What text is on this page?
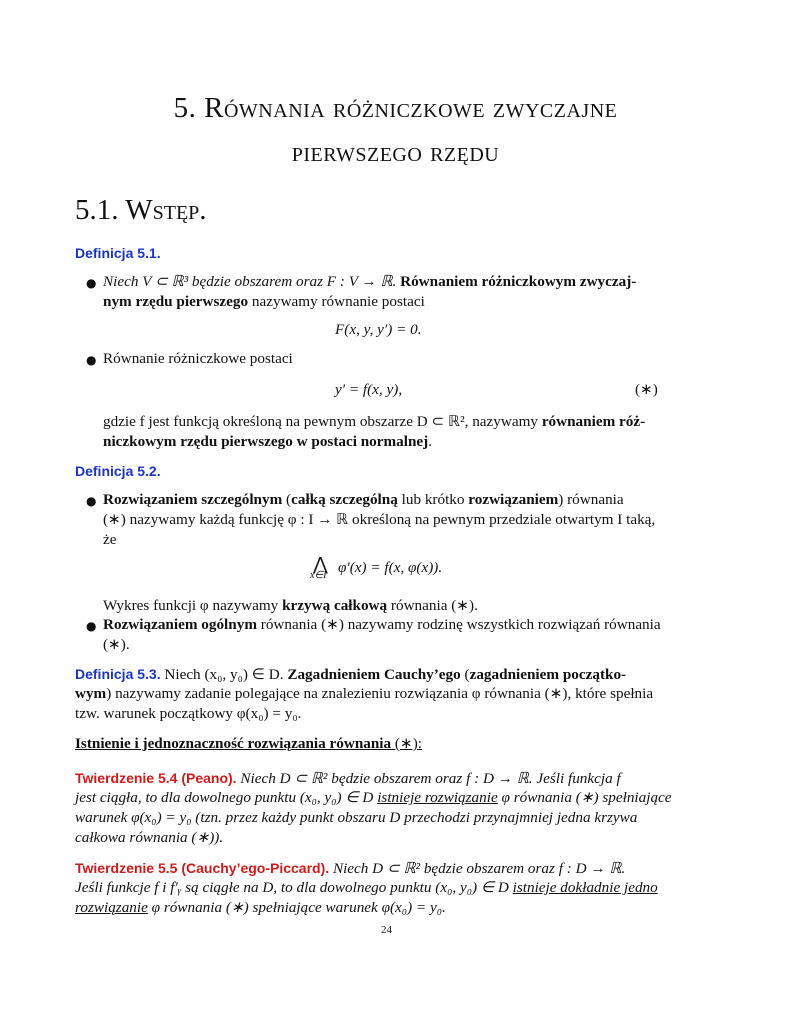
5. Równania różniczkowe zwyczajne
pierwszego rzędu
5.1. Wstęp.
Definicja 5.1.
● Niech V ⊂ ℝ³ będzie obszarem oraz F : V → ℝ. Równaniem różniczkowym zwyczaj-
nym rzędu pierwszego nazywamy równanie postaci
F(x, y, y′) = 0.
● Równanie różniczkowe postaci
y′ = f(x, y),	(∗)
gdzie f jest funkcją określoną na pewnym obszarze D ⊂ ℝ², nazywamy równaniem róż-
niczkowym rzędu pierwszego w postaci normalnej.
Definicja 5.2.
● Rozwiązaniem szczególnym (całką szczególną lub krótko rozwiązaniem) równania
(∗) nazywamy każdą funkcję φ : I → ℝ określoną na pewnym przedziale otwartym I taką,
że
⋀
x∈I φ′(x) = f(x, φ(x)).
Wykres funkcji φ nazywamy krzywą całkową równania (∗).
● Rozwiązaniem ogólnym równania (∗) nazywamy rodzinę wszystkich rozwiązań równania
(∗).
Definicja 5.3. Niech (x₀, y₀) ∈ D. Zagadnieniem Cauchy’ego (zagadnieniem początko-
wym) nazywamy zadanie polegające na znalezieniu rozwiązania φ równania (∗), które spełnia
tzw. warunek początkowy φ(x₀) = y₀.
Istnienie i jednoznaczność rozwiązania równania (∗):
Twierdzenie 5.4 (Peano). Niech D ⊂ ℝ² będzie obszarem oraz f : D → ℝ. Jeśli funkcja f
jest ciągła, to dla dowolnego punktu (x₀, y₀) ∈ D istnieje rozwiązanie φ równania (∗) spełniające
warunek φ(x₀) = y₀ (tzn. przez każdy punkt obszaru D przechodzi przynajmniej jedna krzywa
całkowa równania (∗)).
Twierdzenie 5.5 (Cauchy’ego-Piccard). Niech D ⊂ ℝ² będzie obszarem oraz f : D → ℝ.
Jeśli funkcje f i f′ᵧ są ciągłe na D, to dla dowolnego punktu (x₀, y₀) ∈ D istnieje dokładnie jedno
rozwiązanie φ równania (∗) spełniające warunek φ(x₀) = y₀.
24
